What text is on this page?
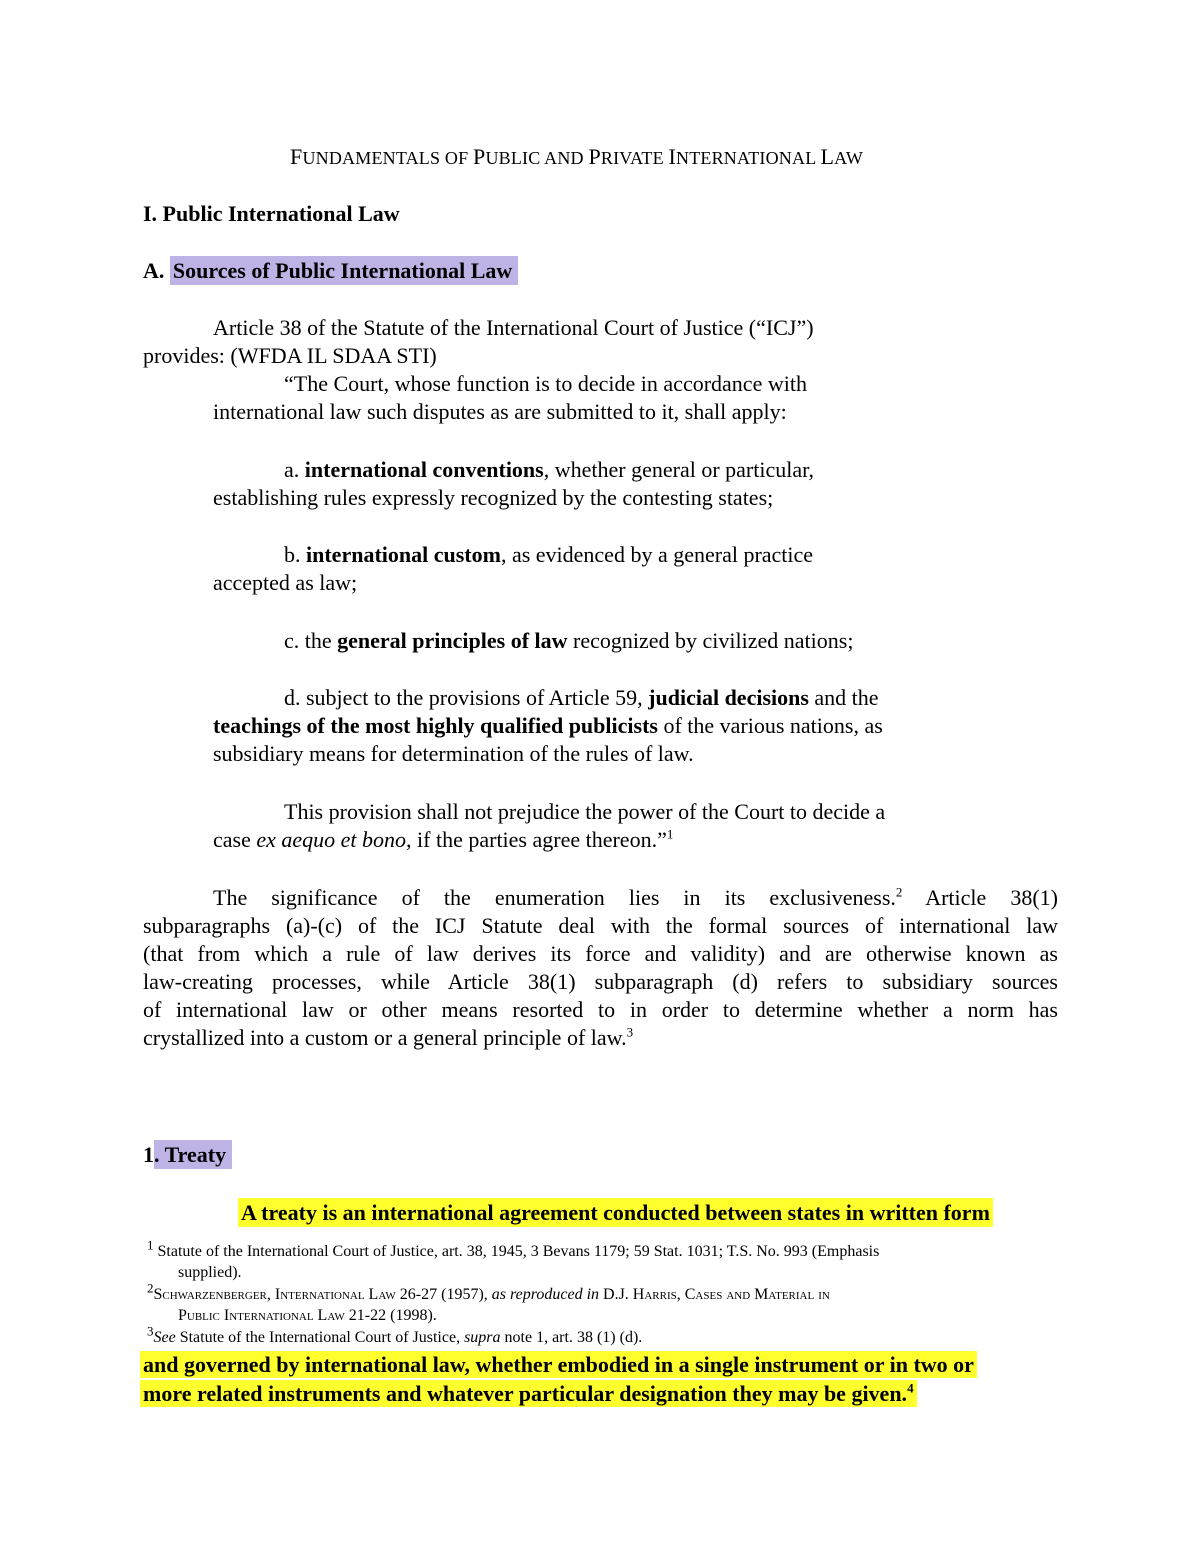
FUNDAMENTALS OF PUBLIC AND PRIVATE INTERNATIONAL LAW
I. Public International Law
A. Sources of Public International Law
Article 38 of the Statute of the International Court of Justice (“ICJ”)
provides: (WFDA IL SDAA STI)
“The Court, whose function is to decide in accordance with
international law such disputes as are submitted to it, shall apply:
a. international conventions, whether general or particular,
establishing rules expressly recognized by the contesting states;
b. international custom, as evidenced by a general practice
accepted as law;
c. the general principles of law recognized by civilized nations;
d. subject to the provisions of Article 59, judicial decisions and the
teachings of the most highly qualified publicists of the various nations, as
subsidiary means for determination of the rules of law.
This provision shall not prejudice the power of the Court to decide a
case ex aequo et bono, if the parties agree thereon.”$^1$
The significance of the enumeration lies in its exclusiveness.$^2$ Article 38(1)
subparagraphs (a)-(c) of the ICJ Statute deal with the formal sources of international law
(that from which a rule of law derives its force and validity) and are otherwise known as
law-creating processes, while Article 38(1) subparagraph (d) refers to subsidiary sources
of international law or other means resorted to in order to determine whether a norm has
crystallized into a custom or a general principle of law.$^3$
1. Treaty
A treaty is an international agreement conducted between states in written form
$^1$ Statute of the International Court of Justice, art. 38, 1945, 3 Bevans 1179; 59 Stat. 1031; T.S. No. 993 (Emphasis
supplied).
$^2$Schwarzenberger, International Law 26-27 (1957), as reproduced in D.J. Harris, Cases and Material in
Public International Law 21-22 (1998).
$^3$See Statute of the International Court of Justice, supra note 1, art. 38 (1) (d).
and governed by international law, whether embodied in a single instrument or in two or
more related instruments and whatever particular designation they may be given.$^4$
